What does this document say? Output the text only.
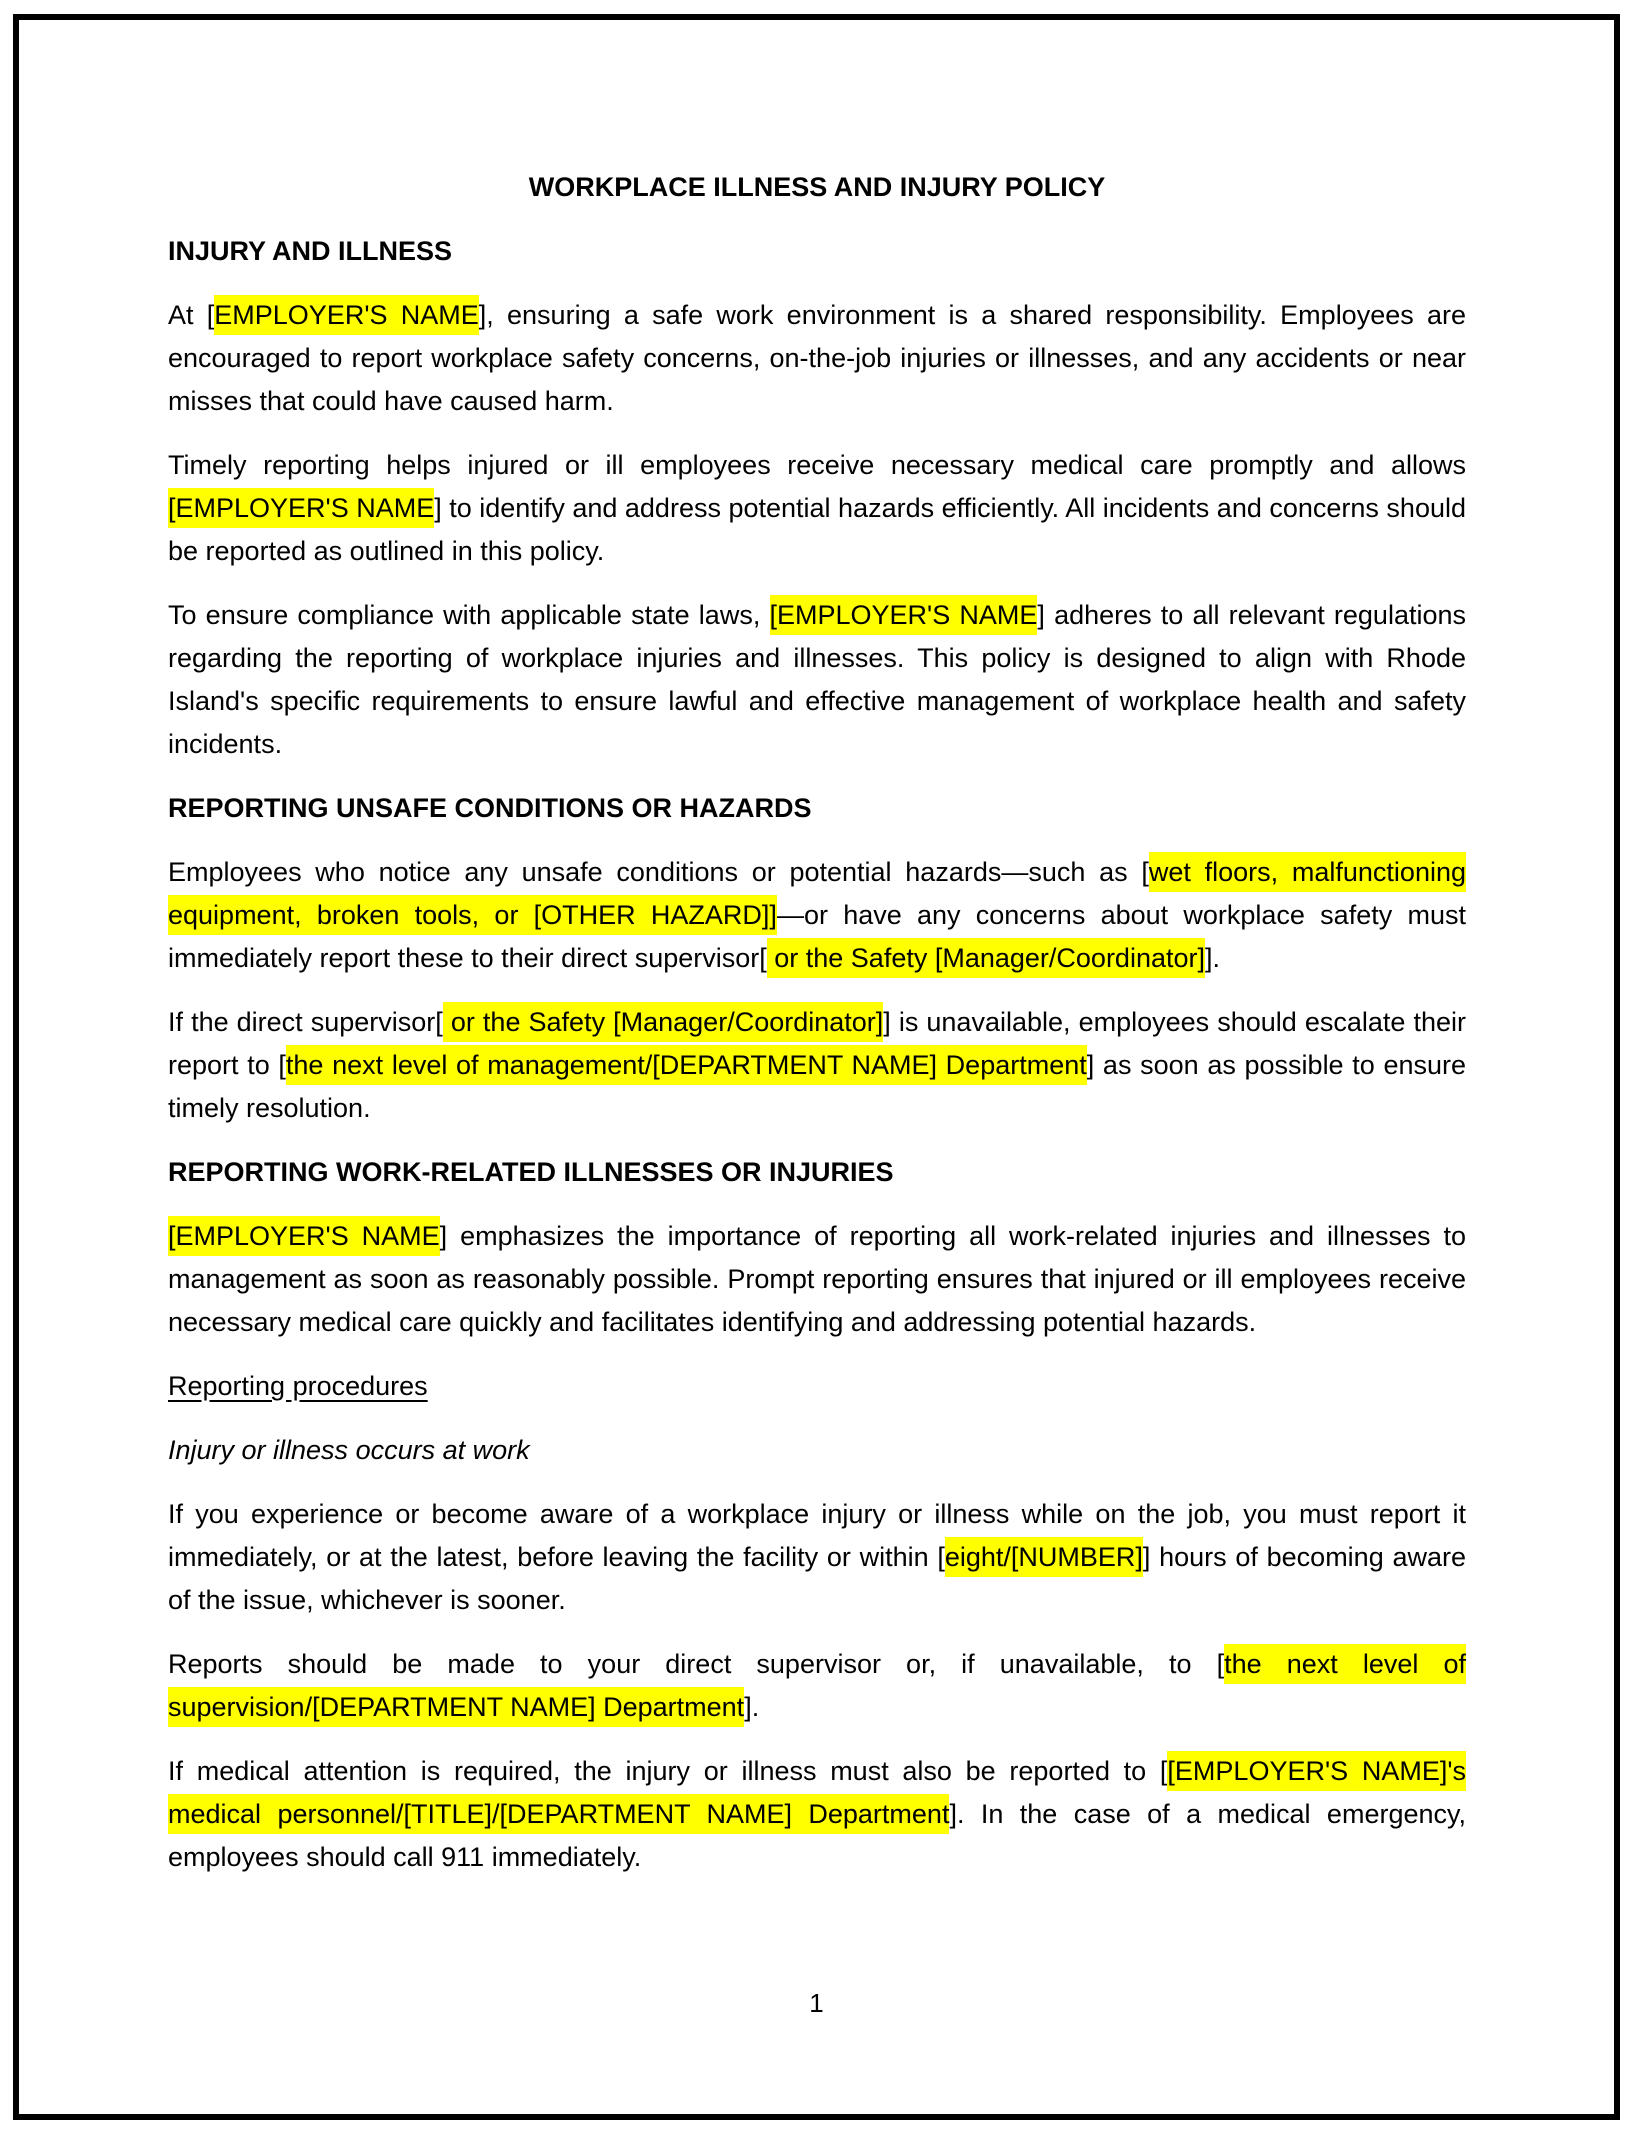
WORKPLACE ILLNESS AND INJURY POLICY
INJURY AND ILLNESS

At [EMPLOYER'S NAME], ensuring a safe work environment is a shared responsibility. Employees are encouraged to report workplace safety concerns, on-the-job injuries or illnesses, and any accidents or near misses that could have caused harm.

Timely reporting helps injured or ill employees receive necessary medical care promptly and allows [EMPLOYER'S NAME] to identify and address potential hazards efficiently. All incidents and concerns should be reported as outlined in this policy.

To ensure compliance with applicable state laws, [EMPLOYER'S NAME] adheres to all relevant regulations regarding the reporting of workplace injuries and illnesses. This policy is designed to align with Rhode Island's specific requirements to ensure lawful and effective management of workplace health and safety incidents.

REPORTING UNSAFE CONDITIONS OR HAZARDS

Employees who notice any unsafe conditions or potential hazards—such as [wet floors, malfunctioning equipment, broken tools, or [OTHER HAZARD]]—or have any concerns about workplace safety must immediately report these to their direct supervisor[ or the Safety [Manager/Coordinator]].

If the direct supervisor[ or the Safety [Manager/Coordinator]] is unavailable, employees should escalate their report to [the next level of management/[DEPARTMENT NAME] Department] as soon as possible to ensure timely resolution.

REPORTING WORK-RELATED ILLNESSES OR INJURIES

[EMPLOYER'S NAME] emphasizes the importance of reporting all work-related injuries and illnesses to management as soon as reasonably possible. Prompt reporting ensures that injured or ill employees receive necessary medical care quickly and facilitates identifying and addressing potential hazards.

Reporting procedures
Injury or illness occurs at work

If you experience or become aware of a workplace injury or illness while on the job, you must report it immediately, or at the latest, before leaving the facility or within [eight/[NUMBER]] hours of becoming aware of the issue, whichever is sooner.

Reports should be made to your direct supervisor or, if unavailable, to [the next level of supervision/[DEPARTMENT NAME] Department].

If medical attention is required, the injury or illness must also be reported to [[EMPLOYER'S NAME]'s medical personnel/[TITLE]/[DEPARTMENT NAME] Department]. In the case of a medical emergency, employees should call 911 immediately.

1
